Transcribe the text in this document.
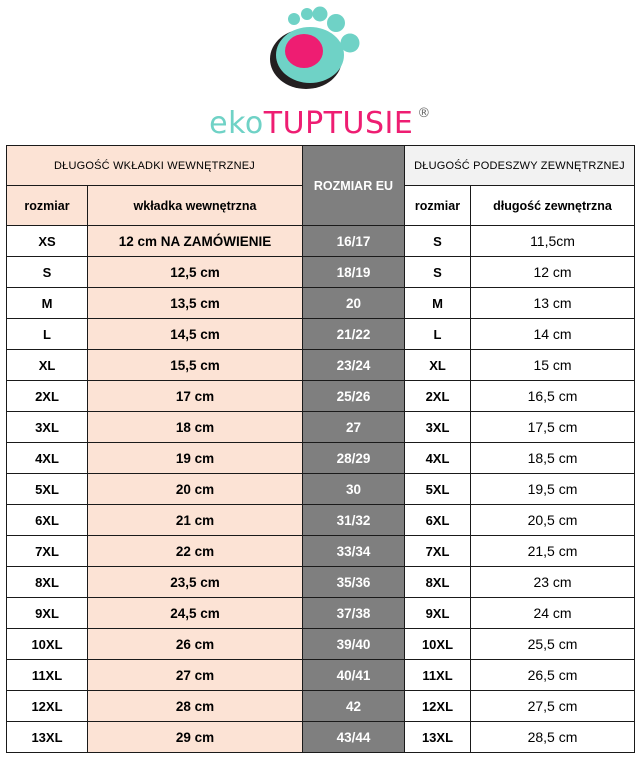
ekoTUPTUSIE ®
DŁUGOŚĆ WKŁADKI WEWNĘTRZNEJ		ROZMIAR EU	DŁUGOŚĆ PODESZWY ZEWNĘTRZNEJ	
rozmiar	wkładka wewnętrzna		rozmiar	długość zewnętrzna
XS	12 cm NA ZAMÓWIENIE	16/17	S	11,5cm
S	12,5 cm	18/19	S	12 cm
M	13,5 cm	20	M	13 cm
L	14,5 cm	21/22	L	14 cm
XL	15,5 cm	23/24	XL	15 cm
2XL	17 cm	25/26	2XL	16,5 cm
3XL	18 cm	27	3XL	17,5 cm
4XL	19 cm	28/29	4XL	18,5 cm
5XL	20 cm	30	5XL	19,5 cm
6XL	21 cm	31/32	6XL	20,5 cm
7XL	22 cm	33/34	7XL	21,5 cm
8XL	23,5 cm	35/36	8XL	23 cm
9XL	24,5 cm	37/38	9XL	24 cm
10XL	26 cm	39/40	10XL	25,5 cm
11XL	27 cm	40/41	11XL	26,5 cm
12XL	28 cm	42	12XL	27,5 cm
13XL	29 cm	43/44	13XL	28,5 cm
